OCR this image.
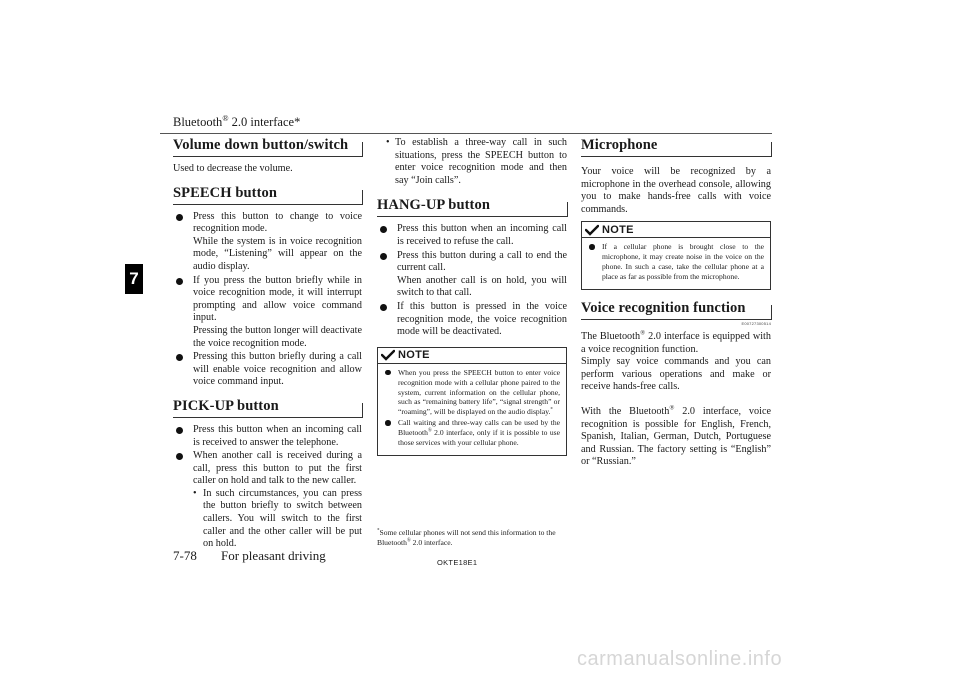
Bluetooth® 2.0 interface*
7
Volume down button/switch

Used to decrease the volume.

SPEECH button
Press this button to change to voice recognition mode.
While the system is in voice recognition mode, “Listening” will appear on the audio display.
If you press the button briefly while in voice recognition mode, it will interrupt prompting and allow voice command input.
Pressing the button longer will deactivate the voice recognition mode.
Pressing this button briefly during a call will enable voice recognition and allow voice command input.
PICK-UP button
Press this button when an incoming call is received to answer the telephone.
When another call is received during a call, press this button to put the first caller on hold and talk to the new caller.
• In such circumstances, you can press the button briefly to switch between callers. You will switch to the first caller and the other caller will be put on hold.
• To establish a three-way call in such situations, press the SPEECH button to enter voice recognition mode and then say “Join calls”.
HANG-UP button
Press this button when an incoming call is received to refuse the call.
Press this button during a call to end the current call.
When another call is on hold, you will switch to that call.
If this button is pressed in the voice recognition mode, the voice recognition mode will be deactivated.
NOTE
When you press the SPEECH button to enter voice recognition mode with a cellular phone paired to the system, current information on the cellular phone, such as “remaining battery life”, “signal strength” or “roaming”, will be displayed on the audio display.*
Call waiting and three-way calls can be used by the Bluetooth® 2.0 interface, only if it is possible to use those services with your cellular phone.
*Some cellular phones will not send this information to the Bluetooth® 2.0 interface.
Microphone

Your voice will be recognized by a microphone in the overhead console, allowing you to make hands-free calls with voice commands.

NOTE
If a cellular phone is brought close to the microphone, it may create noise in the voice on the phone. In such a case, take the cellular phone at a place as far as possible from the microphone.
Voice recognition function
E00727300514

The Bluetooth® 2.0 interface is equipped with a voice recognition function.

Simply say voice commands and you can perform various operations and make or receive hands-free calls.

With the Bluetooth® 2.0 interface, voice recognition is possible for English, French, Spanish, Italian, German, Dutch, Portuguese and Russian. The factory setting is “English” or “Russian.”

7-78 For pleasant driving	OKTE18E1
carmanualsonline.info
